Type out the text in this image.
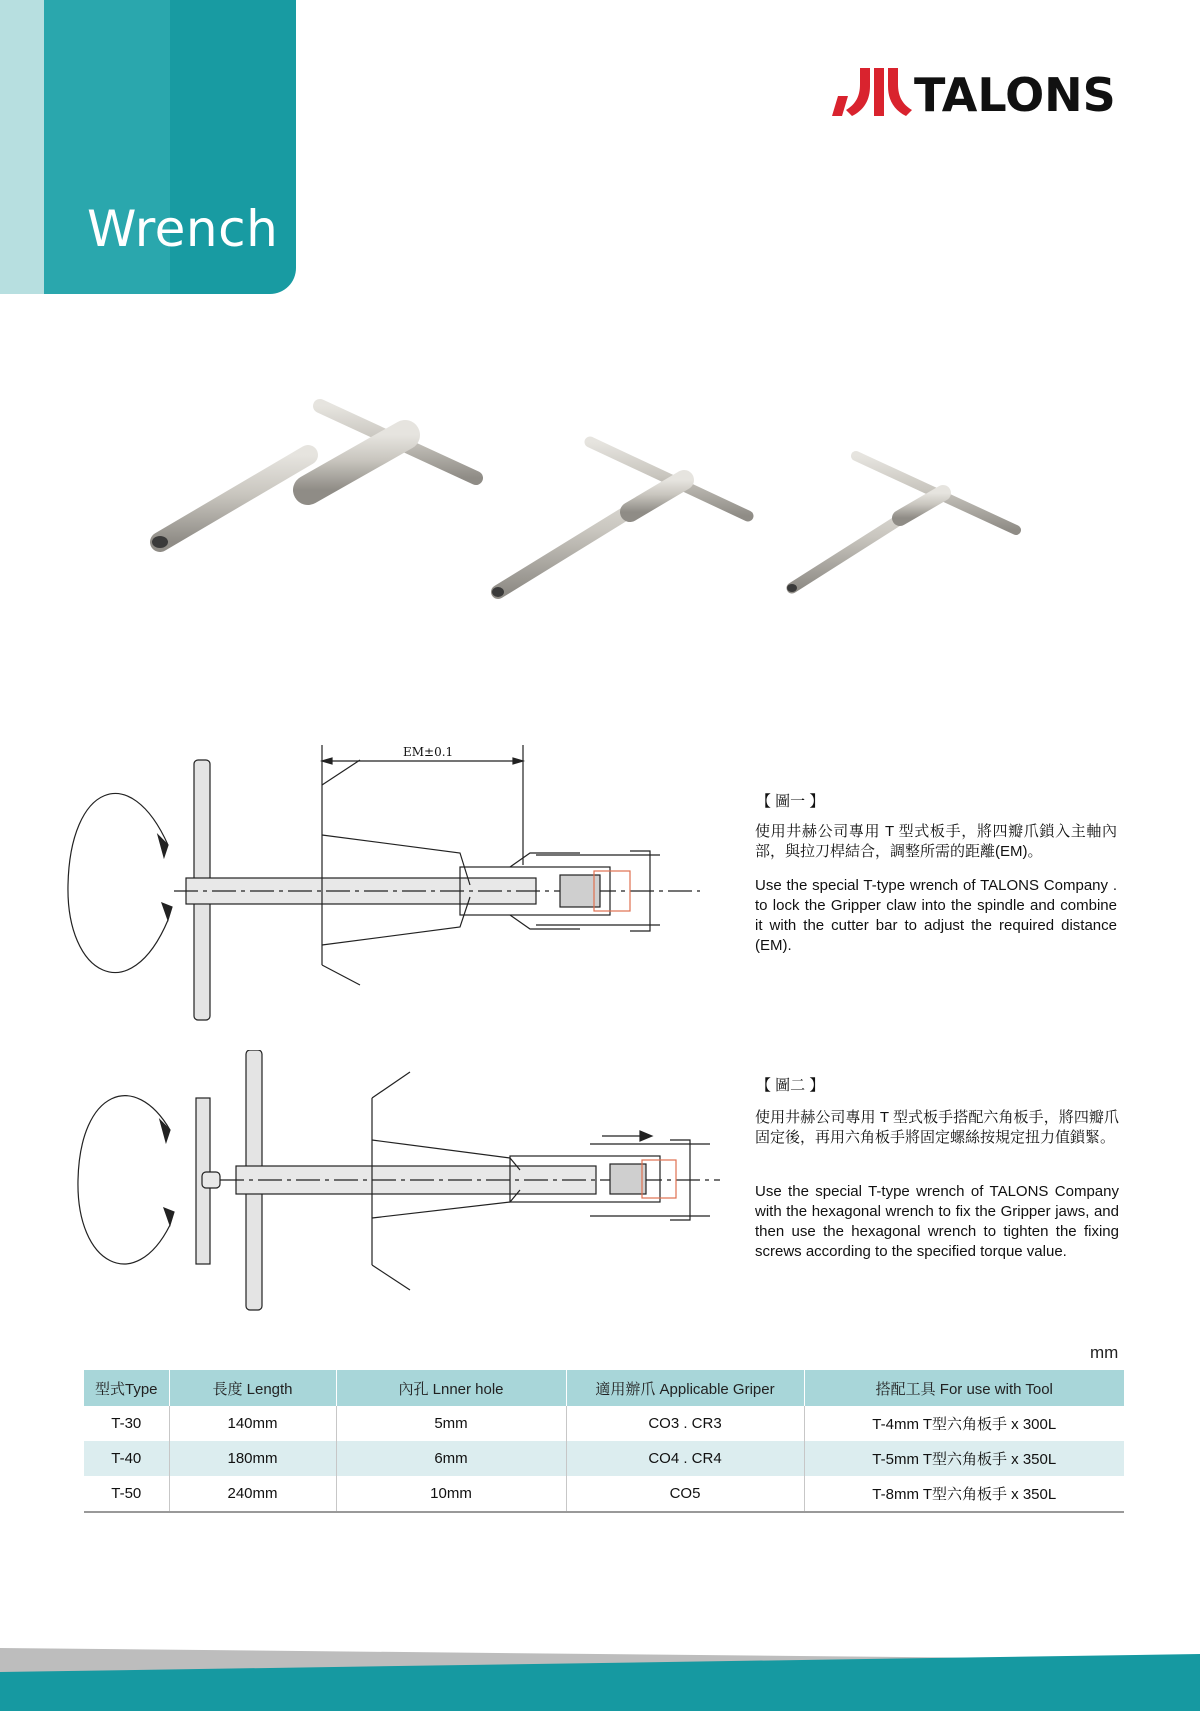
Wrench
TALONS
EM±0.1
【 圖一 】
使用井赫公司專用 T 型式板手，將四瓣爪鎖入主軸內部，與拉刀桿結合，調整所需的距離(EM)。
Use the special T-type wrench of TALONS Company . to lock the Gripper claw into the spindle and combine it with the cutter bar to adjust the required distance (EM).
【 圖二 】
使用井赫公司專用 T 型式板手搭配六角板手，將四瓣爪固定後，再用六角板手將固定螺絲按規定扭力值鎖緊。
Use the special T-type wrench of TALONS Company with the hexagonal wrench to fix the Gripper jaws, and then use the hexagonal wrench to tighten the fixing screws according to the specified torque value.
mm
型式Type	長度 Length	內孔 Lnner hole	適用辦爪 Applicable Griper	搭配工具 For use with Tool
T-30	140mm	5mm	CO3 . CR3	T-4mm T型六角板手 x 300L
T-40	180mm	6mm	CO4 . CR4	T-5mm T型六角板手 x 350L
T-50	240mm	10mm	CO5	T-8mm T型六角板手 x 350L
